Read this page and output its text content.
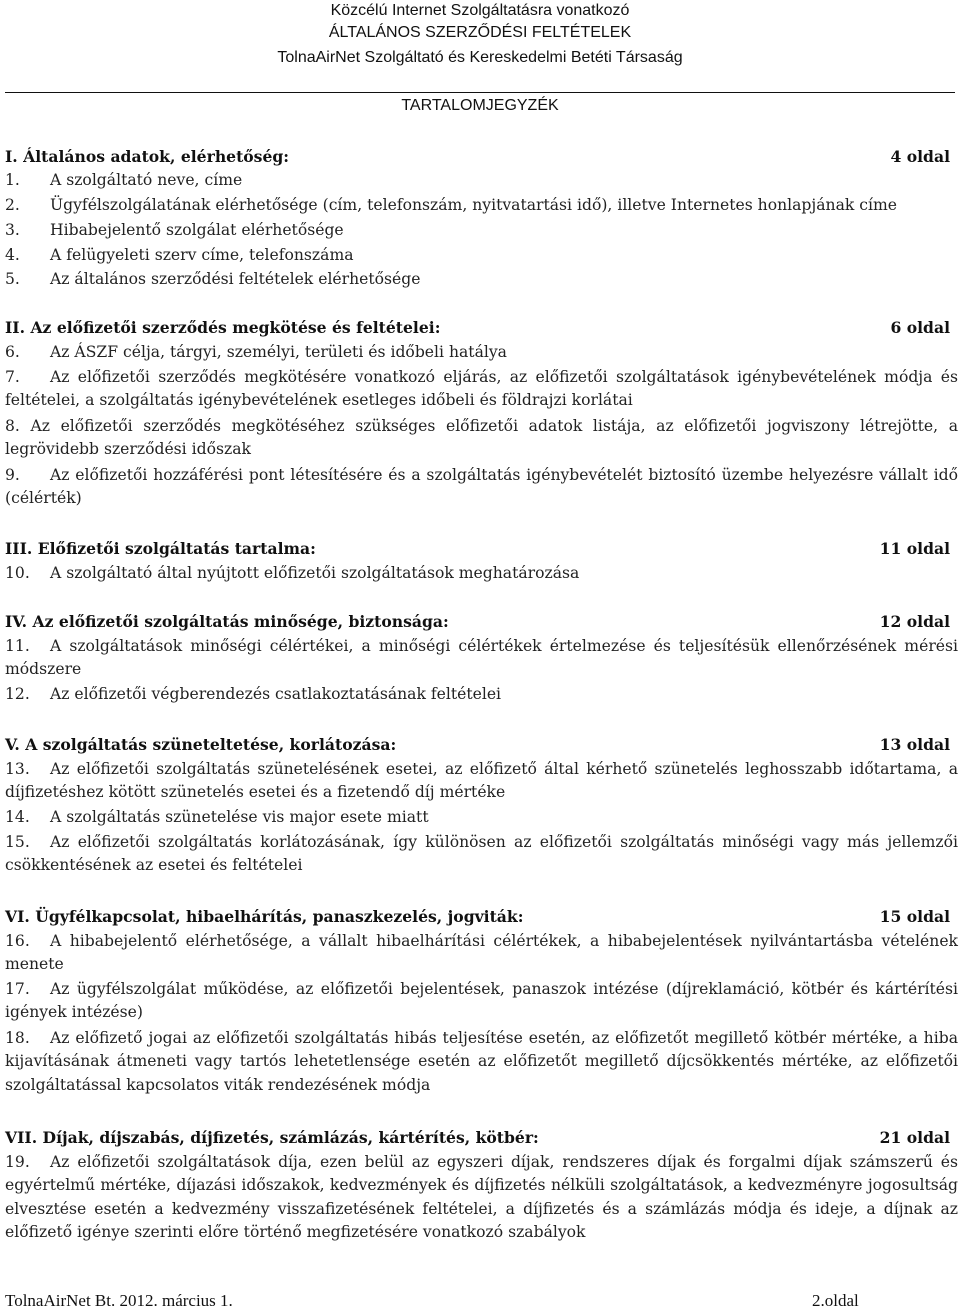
Közcélú Internet Szolgáltatásra vonatkozó
ÁLTALÁNOS SZERZŐDÉSI FELTÉTELEK
TolnaAirNet Szolgáltató és Kereskedelmi Betéti Társaság
TARTALOMJEGYZÉK
I. Általános adatok, elérhetőség:	4 oldal
1. A szolgáltató neve, címe
2. Ügyfélszolgálatának elérhetősége (cím, telefonszám, nyitvatartási idő), illetve Internetes honlapjának címe
3. Hibabejelentő szolgálat elérhetősége
4. A felügyeleti szerv címe, telefonszáma
5. Az általános szerződési feltételek elérhetősége
II. Az előfizetői szerződés megkötése és feltételei:	6 oldal
6. Az ÁSZF célja, tárgyi, személyi, területi és időbeli hatálya
7. Az előfizetői szerződés megkötésére vonatkozó eljárás, az előfizetői szolgáltatások igénybevételének módja és feltételei, a szolgáltatás igénybevételének esetleges időbeli és földrajzi korlátai
8. Az előfizetői szerződés megkötéséhez szükséges előfizetői adatok listája, az előfizetői jogviszony létrejötte, a legrövidebb szerződési időszak
9. Az előfizetői hozzáférési pont létesítésére és a szolgáltatás igénybevételét biztosító üzembe helyezésre vállalt idő (célérték)
III. Előfizetői szolgáltatás tartalma:	11 oldal
10. A szolgáltató által nyújtott előfizetői szolgáltatások meghatározása
IV. Az előfizetői szolgáltatás minősége, biztonsága:	12 oldal
11. A szolgáltatások minőségi célértékei, a minőségi célértékek értelmezése és teljesítésük ellenőrzésének mérési módszere
12. Az előfizetői végberendezés csatlakoztatásának feltételei
V. A szolgáltatás szüneteltetése, korlátozása:	13 oldal
13. Az előfizetői szolgáltatás szünetelésének esetei, az előfizető által kérhető szünetelés leghosszabb időtartama, a díjfizetéshez kötött szünetelés esetei és a fizetendő díj mértéke
14. A szolgáltatás szünetelése vis major esete miatt
15. Az előfizetői szolgáltatás korlátozásának, így különösen az előfizetői szolgáltatás minőségi vagy más jellemzői csökkentésének az esetei és feltételei
VI. Ügyfélkapcsolat, hibaelhárítás, panaszkezelés, jogviták:	15 oldal
16. A hibabejelentő elérhetősége, a vállalt hibaelhárítási célértékek, a hibabejelentések nyilvántartásba vételének menete
17. Az ügyfélszolgálat működése, az előfizetői bejelentések, panaszok intézése (díjreklamáció, kötbér és kártérítési igények intézése)
18. Az előfizető jogai az előfizetői szolgáltatás hibás teljesítése esetén, az előfizetőt megillető kötbér mértéke, a hiba kijavításának átmeneti vagy tartós lehetetlensége esetén az előfizetőt megillető díjcsökkentés mértéke, az előfizetői szolgáltatással kapcsolatos viták rendezésének módja
VII. Díjak, díjszabás, díjfizetés, számlázás, kártérítés, kötbér:	21 oldal
19. Az előfizetői szolgáltatások díja, ezen belül az egyszeri díjak, rendszeres díjak és forgalmi díjak számszerű és egyértelmű mértéke, díjazási időszakok, kedvezmények és díjfizetés nélküli szolgáltatások, a kedvezményre jogosultság elvesztése esetén a kedvezmény visszafizetésének feltételei, a díjfizetés és a számlázás módja és ideje, a díjnak az előfizető igénye szerinti előre történő megfizetésére vonatkozó szabályok
TolnaAirNet Bt. 2012. március 1.	2.oldal
